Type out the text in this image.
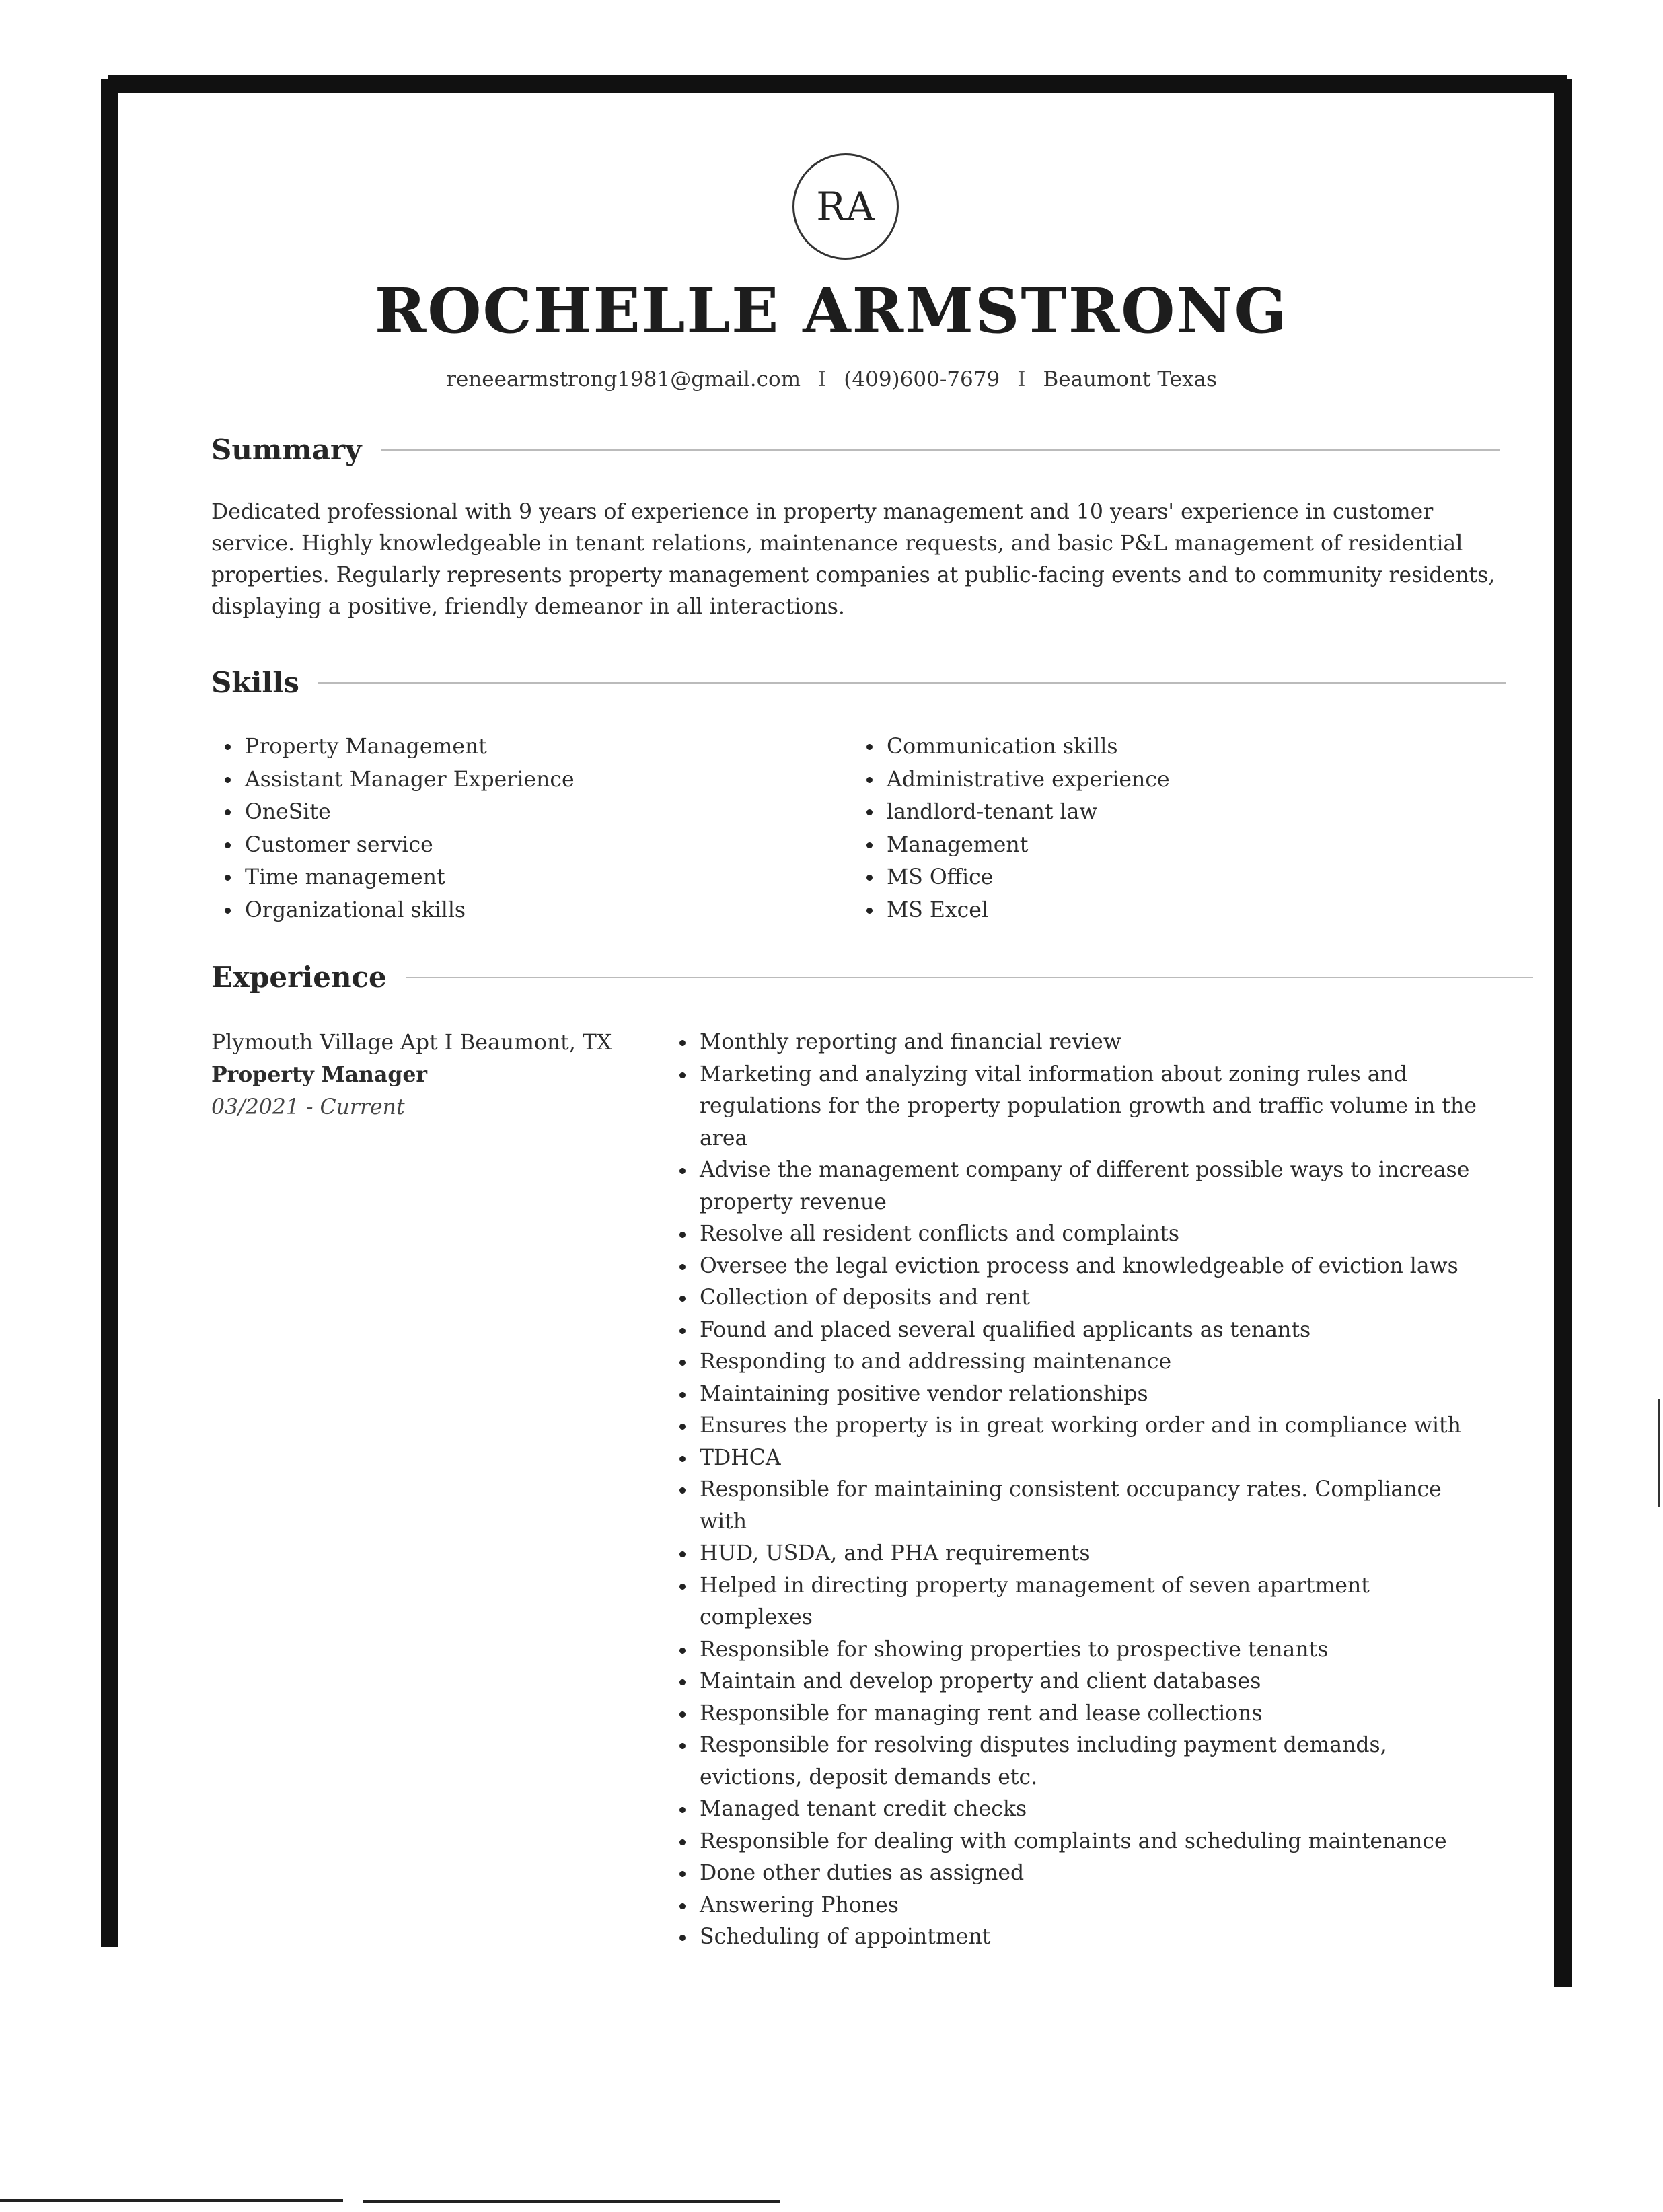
RA
ROCHELLE ARMSTRONG
reneearmstrong1981@gmail.com I (409)600-7679 I Beaumont Texas
Summary
Dedicated professional with 9 years of experience in property management and 10 years' experience in customer service. Highly knowledgeable in tenant relations, maintenance requests, and basic P&L management of residential properties. Regularly represents property management companies at public-facing events and to community residents, displaying a positive, friendly demeanor in all interactions.
Skills
Property Management
Assistant Manager Experience
OneSite
Customer service
Time management
Organizational skills
Communication skills
Administrative experience
landlord-tenant law
Management
MS Office
MS Excel
Experience
Plymouth Village Apt I Beaumont, TX
Property Manager
03/2021 - Current
Monthly reporting and financial review
Marketing and analyzing vital information about zoning rules and regulations for the property population growth and traffic volume in the area
Advise the management company of different possible ways to increase property revenue
Resolve all resident conflicts and complaints
Oversee the legal eviction process and knowledgeable of eviction laws
Collection of deposits and rent
Found and placed several qualified applicants as tenants
Responding to and addressing maintenance
Maintaining positive vendor relationships
Ensures the property is in great working order and in compliance with
TDHCA
Responsible for maintaining consistent occupancy rates. Compliance with
HUD, USDA, and PHA requirements
Helped in directing property management of seven apartment complexes
Responsible for showing properties to prospective tenants
Maintain and develop property and client databases
Responsible for managing rent and lease collections
Responsible for resolving disputes including payment demands, evictions, deposit demands etc.
Managed tenant credit checks
Responsible for dealing with complaints and scheduling maintenance
Done other duties as assigned
Answering Phones
Scheduling of appointment
